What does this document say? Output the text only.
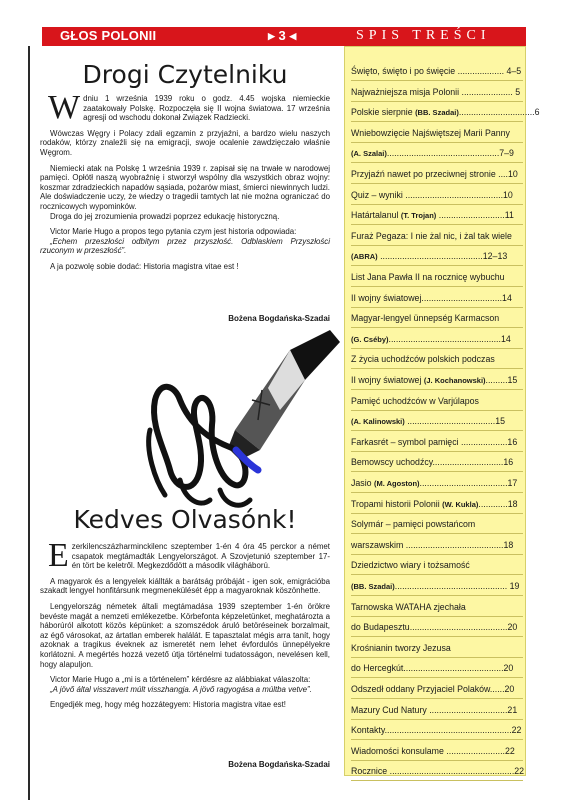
GŁOS POLONII	▶ 3 ◀	SPIS TREŚCI
Drogi Czytelniku

Wdniu 1 września 1939 roku o godz. 4.45 wojska niemieckie zaatakowały Polskę. Rozpoczęła się II wojna światowa. 17 września agresji od wschodu dokonał Związek Radziecki.

Wówczas Węgry i Polacy zdali egzamin z przyjaźni, a bardzo wielu naszych rodaków, którzy znaleźli się na emigracji, swoje ocalenie zawdzięczało właśnie Węgrom.

Niemiecki atak na Polskę 1 września 1939 r. zapisał się na trwałe w narodowej pamięci. Opłótł naszą wyobraźnię i stworzył wspólny dla wszystkich obraz wojny: koszmar zdradzieckich napadów sąsiada, pożarów miast, śmierci niewinnych ludzi. Ale doświadczenie uczy, że wiedzy o tragedii tamtych lat nie można ograniczać do rocznicowych wypominków.

Droga do jej zrozumienia prowadzi poprzez edukację historyczną.

Victor Marie Hugo a propos tego pytania czym jest historia odpowiada:

„Echem przeszłości odbitym przez przyszłość. Odblaskiem Przyszłości rzuconym w przeszłość”.

A ja pozwolę sobie dodać: Historia magistra vitae est !

Bożena Bogdańska-Szadai
Kedves Olvasónk!

Ezerkilencszázharminckilenc szeptember 1-én 4 óra 45 perckor a német csapatok megtámadták Lengyelországot. A Szovjetunió szeptember 17-én tört be keletről. Megkezdődött a második világháború.

A magyarok és a lengyelek kiállták a barátság próbáját - igen sok, emigrációba szakadt lengyel honfitársunk megmenekülését épp a magyaroknak köszönhette.

Lengyelország németek általi megtámadása 1939 szeptember 1-én örökre bevéste magát a nemzeti emlékezetbe. Körbefonta képzeletünket, meghatározta a háborúról alkotott közös képünket: a szomszédok áruló betöréseinek borzalmait, az égő városokat, az ártatlan emberek halálát. E tapasztalat mégis arra tanít, hogy azoknak a tragikus éveknek az ismeretét nem lehet évfordulós ünnepélyekre korlátozni. A megértés hozzá vezető útja történelmi tudatosságon, nevelésen kell, hogy alapuljon.

Victor Marie Hugo a „mi is a történelem” kérdésre az alábbiakat válaszolta:

„A jövő által visszavert múlt visszhangja. A jövő ragyogása a múltba vetve”.

Engedjék meg, hogy még hozzátegyem: Historia magistra vitae est!

Bożena Bogdańska-Szadai
Święto, święto i po święcie ................... 4–5
Najważniejsza misja Polonii ..................... 5
Polskie sierpnie (BB. Szadai)...............................6
Wniebowzięcie Najświętszej Marii Panny
(A. Szalai)..............................................7–9
Przyjaźń nawet po przeciwnej stronie ....10
Quiz – wyniki ........................................10
Határtalanul (T. Trojan) ...........................11
Furaż Pegaza: I nie żal nic, i żal tak wiele
(ABRA) ..........................................12–13
List Jana Pawła II na rocznicę wybuchu
II wojny światowej.................................14
Magyar-lengyel ünnepség Karmacson
(G. Cséby)..............................................14
Z życia uchodźców polskich podczas
II wojny światowej (J. Kochanowski).........15
Pamięć uchodźców w Varjúlapos
(A. Kalinowski) ....................................15
Farkasrét – symbol pamięci ...................16
Bemowscy uchodźcy.............................16
Jasio (M. Agoston)....................................17
Tropami historii Polonii (W. Kukla)............18
Solymár – pamięci powstańcom
warszawskim ........................................18
Dziedzictwo wiary i tożsamość
(BB. Szadai).............................................. 19
Tarnowska WATAHA zjechała
do Budapesztu........................................20
Krośnianin tworzy Jezusa
do Hercegkút.........................................20
Odszedł oddany Przyjaciel Polaków......20
Mazury Cud Natury ................................21
Kontakty....................................................22
Wiadomości konsulame ........................22
Rocznice ...................................................22
